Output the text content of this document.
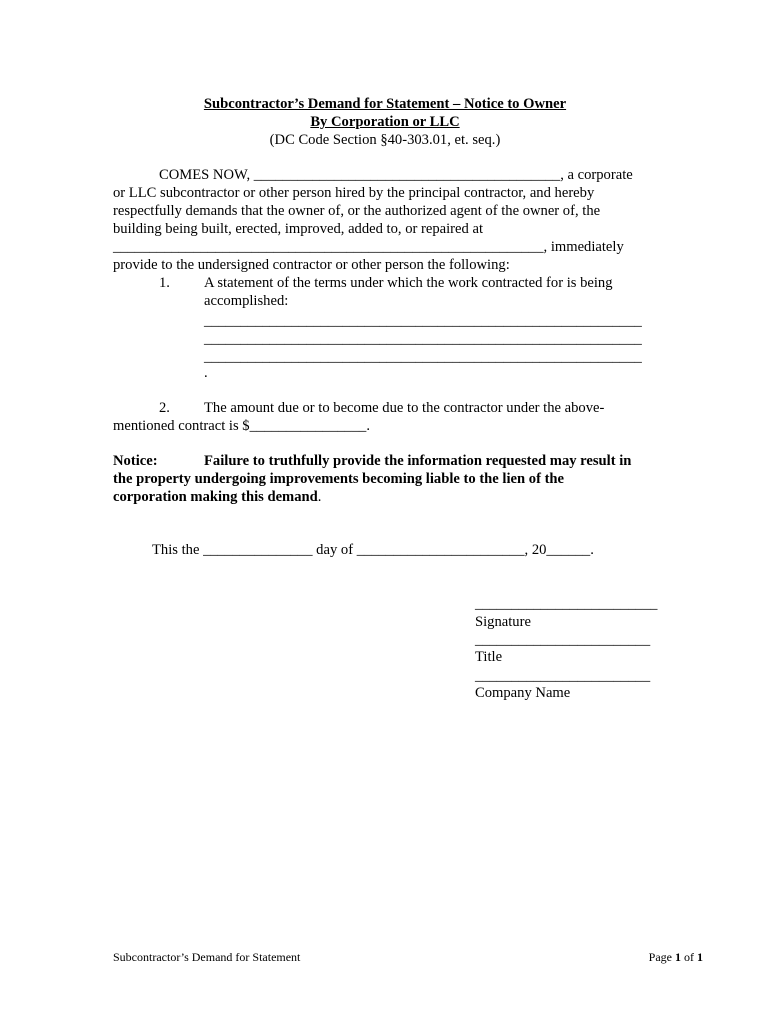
Subcontractor’s Demand for Statement – Notice to Owner
By Corporation or LLC
(DC Code Section §40-303.01, et. seq.)
COMES NOW, __________________________________________, a corporate
or LLC subcontractor or other person hired by the principal contractor, and hereby
respectfully demands that the owner of, or the authorized agent of the owner of, the
building being built, erected, improved, added to, or repaired at
___________________________________________________________, immediately
provide to the undersigned contractor or other person the following:
1. A statement of the terms under which the work contracted for is being
accomplished:
____________________________________________________________
____________________________________________________________
____________________________________________________________
.
2. The amount due or to become due to the contractor under the above-
mentioned contract is $________________.
Notice:	Failure to truthfully provide the information requested may result in
the property undergoing improvements becoming liable to the lien of the
corporation making this demand.
This the _______________ day of _______________________, 20______.
_________________________
Signature
________________________
Title
________________________
Company Name
Subcontractor’s Demand for Statement	Page 1 of 1
